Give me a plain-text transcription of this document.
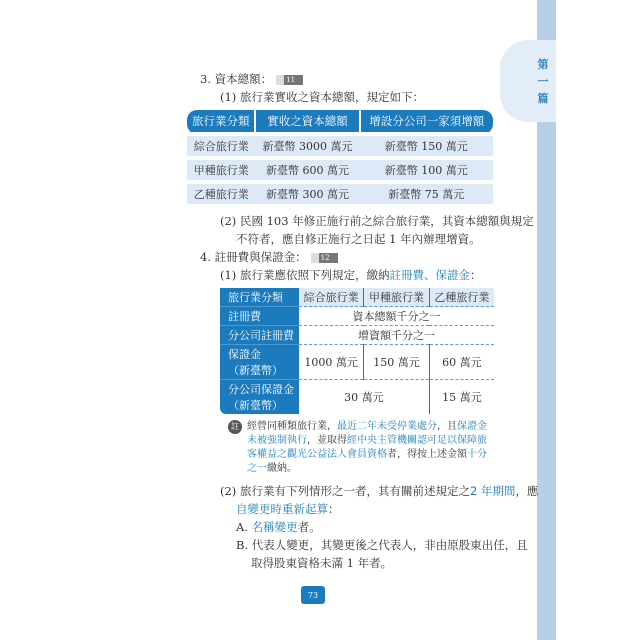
第一篇
3. 資本總額： 11
(1) 旅行業實收之資本總額，規定如下：
旅行業分類	實收之資本總額	增設分公司一家須增額
綜合旅行業	新臺幣 3000 萬元	新臺幣 150 萬元
甲種旅行業	新臺幣 600 萬元	新臺幣 100 萬元
乙種旅行業	新臺幣 300 萬元	新臺幣 75 萬元
(2) 民國 103 年修正施行前之綜合旅行業，其資本總額與規定
不符者，應自修正施行之日起 1 年內辦理增資。
4. 註冊費與保證金： 12
(1) 旅行業應依照下列規定，繳納註冊費、保證金：
旅行業分類	綜合旅行業	甲種旅行業	乙種旅行業
註冊費	資本總額千分之一		
分公司註冊費	增資額千分之一		
保證金
（新臺幣）	1000 萬元	150 萬元	60 萬元
分公司保證金
（新臺幣）	30 萬元		15 萬元
註 經營同種類旅行業，最近二年未受停業處分，且保證金未被強制執行，並取得經中央主管機關認可足以保障旅客權益之觀光公益法人會員資格者，得按上述金額十分之一繳納。
(2) 旅行業有下列情形之一者，其有關前述規定之2 年期間，應
自變更時重新起算：
A. 名稱變更者。
B. 代表人變更，其變更後之代表人，非由原股東出任，且
取得股東資格未滿 1 年者。
73
